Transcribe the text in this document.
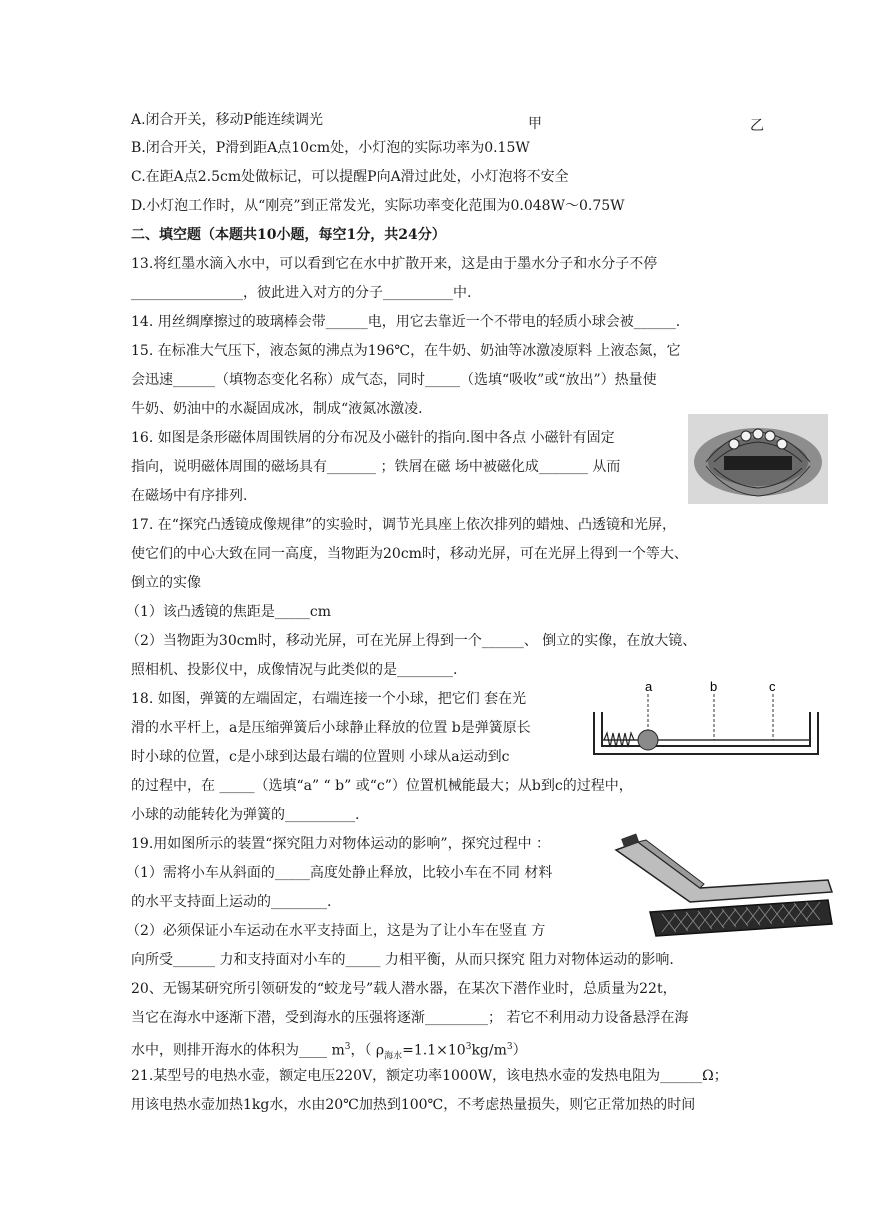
A.闭合开关，移动P能连续调光	甲	乙
B.闭合开关，P滑到距A点10cm处，小灯泡的实际功率为0.15W
C.在距A点2.5cm处做标记，可以提醒P向A滑过此处，小灯泡将不安全
D.小灯泡工作时，从“刚亮”到正常发光，实际功率变化范围为0.048W～0.75W
二、填空题（本题共10小题，每空1分，共24分）
13.将红墨水滴入水中，可以看到它在水中扩散开来，这是由于墨水分子和水分子不停
________________，彼此进入对方的分子__________中.
14. 用丝绸摩擦过的玻璃棒会带______电，用它去靠近一个不带电的轻质小球会被______.
15. 在标准大气压下，液态氮的沸点为196℃，在牛奶、奶油等冰激凌原料 上液态氮，它
会迅速______（填物态变化名称）成气态，同时_____（选填“吸收”或“放出”）热量使
牛奶、奶油中的水凝固成冰，制成“液氮冰激凌.
16. 如图是条形磁体周围铁屑的分布况及小磁针的指向.图中各点 小磁针有固定
指向，说明磁体周围的磁场具有_______ ；铁屑在磁 场中被磁化成_______ 从而
在磁场中有序排列.
17. 在“探究凸透镜成像规律”的实验时，调节光具座上依次排列的蜡烛、凸透镜和光屏，
使它们的中心大致在同一高度，当物距为20cm时，移动光屏，可在光屏上得到一个等大、
倒立的实像
（1）该凸透镜的焦距是_____cm
（2）当物距为30cm时，移动光屏，可在光屏上得到一个______、 倒立的实像，在放大镜、
照相机、投影仪中，成像情况与此类似的是________.
18. 如图，弹簧的左端固定，右端连接一个小球，把它们 套在光
滑的水平杆上，a是压缩弹簧后小球静止释放的位置 b是弹簧原长
时小球的位置，c是小球到达最右端的位置则 小球从a运动到c
的过程中，在 _____（选填“a” “ b” 或“c”）位置机械能最大；从b到c的过程中，
小球的动能转化为弹簧的__________.
a	b	c
19.用如图所示的装置“探究阻力对物体运动的影响”，探究过程中 ：
（1）需将小车从斜面的_____高度处静止释放，比较小车在不同 材料
的水平支持面上运动的________.
（2）必须保证小车运动在水平支持面上，这是为了让小车在竖直 方
向所受______ 力和支持面对小车的_____ 力相平衡，从而只探究 阻力对物体运动的影响.
20、无锡某研究所引领研发的“蛟龙号”载人潜水器，在某次下潜作业时，总质量为22t，
当它在海水中逐渐下潜，受到海水的压强将逐渐_________； 若它不利用动力设备悬浮在海
水中，则排开海水的体积为____ $m^3$，（ $\rho_{海水}=1.1\times 10^3kg/m^3$）
21.某型号的电热水壶，额定电压220V，额定功率1000W，该电热水壶的发热电阻为______Ω；
用该电热水壶加热1kg水，水由20℃加热到100℃，不考虑热量损失，则它正常加热的时间
